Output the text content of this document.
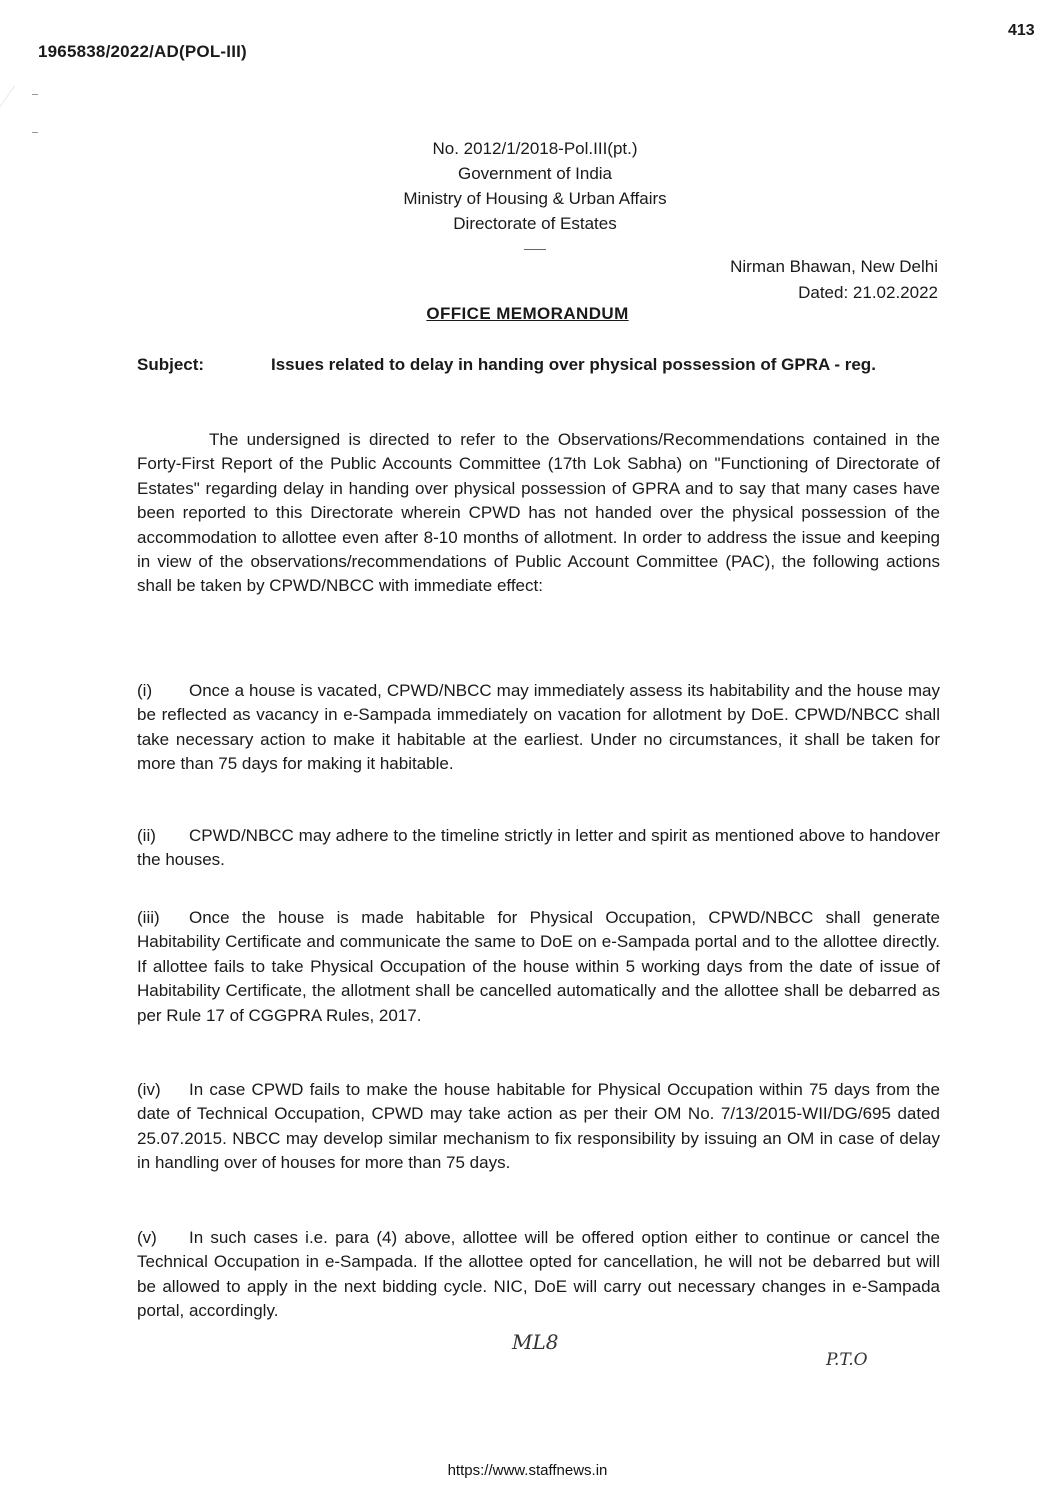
1965838/2022/AD(POL-III)
413
No. 2012/1/2018-Pol.III(pt.)
Government of India
Ministry of Housing & Urban Affairs
Directorate of Estates
Nirman Bhawan, New Delhi
Dated: 21.02.2022
OFFICE MEMORANDUM
Subject:	Issues related to delay in handing over physical possession of GPRA - reg.
The undersigned is directed to refer to the Observations/Recommendations contained in the Forty-First Report of the Public Accounts Committee (17th Lok Sabha) on "Functioning of Directorate of Estates" regarding delay in handing over physical possession of GPRA and to say that many cases have been reported to this Directorate wherein CPWD has not handed over the physical possession of the accommodation to allottee even after 8-10 months of allotment. In order to address the issue and keeping in view of the observations/recommendations of Public Account Committee (PAC), the following actions shall be taken by CPWD/NBCC with immediate effect:
(i) Once a house is vacated, CPWD/NBCC may immediately assess its habitability and the house may be reflected as vacancy in e-Sampada immediately on vacation for allotment by DoE. CPWD/NBCC shall take necessary action to make it habitable at the earliest. Under no circumstances, it shall be taken for more than 75 days for making it habitable.
(ii) CPWD/NBCC may adhere to the timeline strictly in letter and spirit as mentioned above to handover the houses.
(iii) Once the house is made habitable for Physical Occupation, CPWD/NBCC shall generate Habitability Certificate and communicate the same to DoE on e-Sampada portal and to the allottee directly. If allottee fails to take Physical Occupation of the house within 5 working days from the date of issue of Habitability Certificate, the allotment shall be cancelled automatically and the allottee shall be debarred as per Rule 17 of CGGPRA Rules, 2017.
(iv) In case CPWD fails to make the house habitable for Physical Occupation within 75 days from the date of Technical Occupation, CPWD may take action as per their OM No. 7/13/2015-WII/DG/695 dated 25.07.2015. NBCC may develop similar mechanism to fix responsibility by issuing an OM in case of delay in handling over of houses for more than 75 days.
(v) In such cases i.e. para (4) above, allottee will be offered option either to continue or cancel the Technical Occupation in e-Sampada. If the allottee opted for cancellation, he will not be debarred but will be allowed to apply in the next bidding cycle. NIC, DoE will carry out necessary changes in e-Sampada portal, accordingly.
ML8
P.T.O
https://www.staffnews.in
